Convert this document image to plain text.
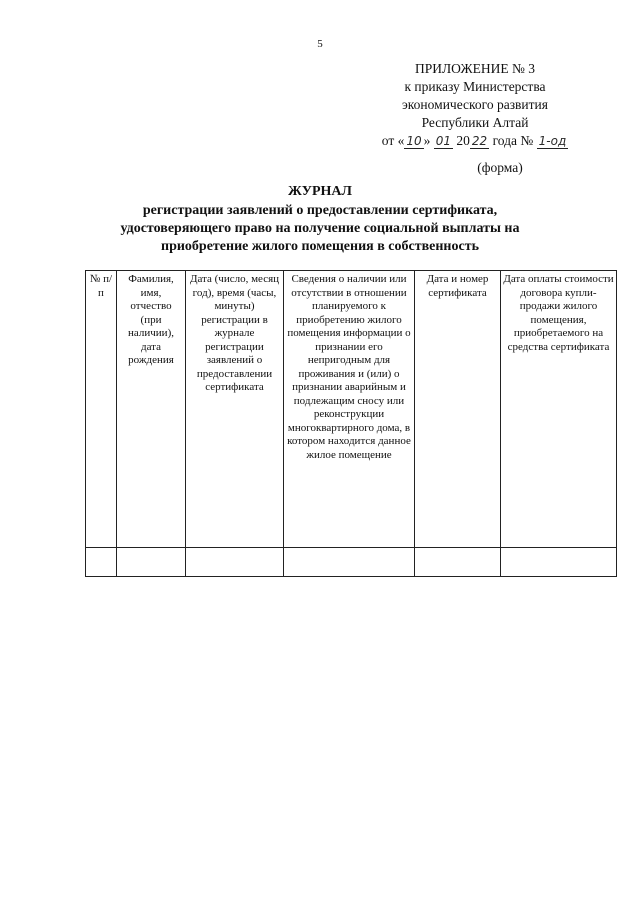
5
ПРИЛОЖЕНИЕ № 3
к приказу Министерства
экономического развития
Республики Алтай
от « 10 » 01 20 22 года № 1-од
(форма)
ЖУРНАЛ
регистрации заявлений о предоставлении сертификата,
удостоверяющего право на получение социальной выплаты на
приобретение жилого помещения в собственность
№ п/п	Фамилия, имя, отчество (при наличии), дата рождения	Дата (число, месяц год), время (часы, минуты) регистрации в журнале регистрации заявлений о предоставлении сертификата	Сведения о наличии или отсутствии в отношении планируемого к приобретению жилого помещения информации о признании его непригодным для проживания и (или) о признании аварийным и подлежащим сносу или реконструкции многоквартирного дома, в котором находится данное жилое помещение	Дата и номер сертификата	Дата оплаты стоимости договора купли-продажи жилого помещения, приобретаемого на средства сертификата
